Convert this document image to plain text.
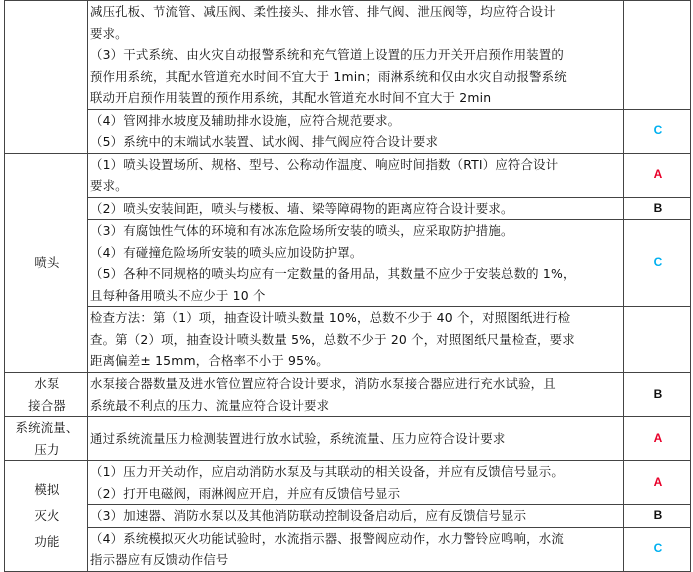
	减压孔板、节流管、减压阀、柔性接头、排水管、排气阀、泄压阀等，均应符合设计
要求。
（3）干式系统、由火灾自动报警系统和充气管道上设置的压力开关开启预作用装置的
预作用系统，其配水管道充水时间不宜大于 1min；雨淋系统和仅由水灾自动报警系统
联动开启预作用装置的预作用系统，其配水管道充水时间不宜大于 2min	

	（4）管网排水坡度及辅助排水设施，应符合规范要求。
（5）系统中的末端试水装置、试水阀、排气阀应符合设计要求	C
喷头	（1）喷头设置场所、规格、型号、公称动作温度、响应时间指数（RTI）应符合设计
要求。	A

	（2）喷头安装间距，喷头与楼板、墙、梁等障碍物的距离应符合设计要求。	B

	（3）有腐蚀性气体的环境和有冰冻危险场所安装的喷头，应采取防护措施。
（4）有碰撞危险场所安装的喷头应加设防护罩。
（5）各种不同规格的喷头均应有一定数量的备用品，其数量不应少于安装总数的 1%，
且每种备用喷头不应少于 10 个	C

	检查方法：第（1）项，抽查设计喷头数量 10%，总数不少于 40 个，对照图纸进行检
查。第（2）项，抽查设计喷头数量 5%，总数不少于 20 个，对照图纸尺量检查，要求
距离偏差± 15mm，合格率不小于 95%。	

水泵
接合器	水泵接合器数量及进水管位置应符合设计要求，消防水泵接合器应进行充水试验，且
系统最不利点的压力、流量应符合设计要求	B

系统流量、
压力	通过系统流量压力检测装置进行放水试验，系统流量、压力应符合设计要求	A

模拟
灭火
功能	（1）压力开关动作，应启动消防水泵及与其联动的相关设备，并应有反馈信号显示。
（2）打开电磁阀，雨淋阀应开启，并应有反馈信号显示	A

	（3）加速器、消防水泵以及其他消防联动控制设备启动后，应有反馈信号显示	B

	（4）系统模拟灭火功能试验时，水流指示器、报警阀应动作，水力警铃应鸣响，水流
指示器应有反馈动作信号	C
